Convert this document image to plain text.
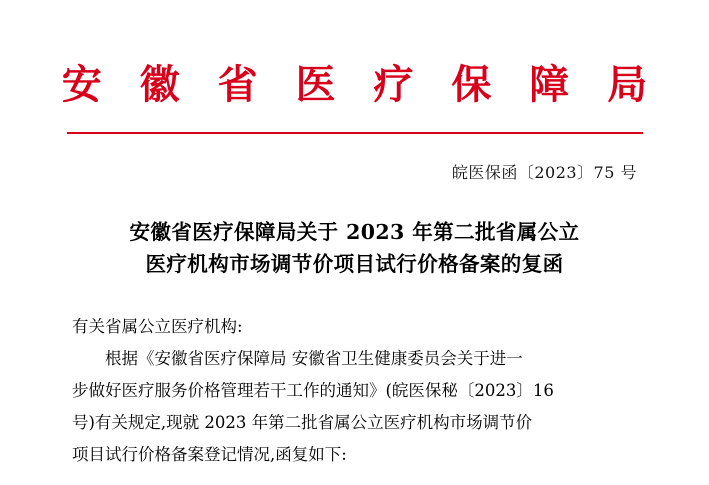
安 徽 省 医 疗 保 障 局
皖医保函〔2023〕75 号
安徽省医疗保障局关于 2023 年第二批省属公立
医疗机构市场调节价项目试行价格备案的复函
有关省属公立医疗机构:
根据《安徽省医疗保障局 安徽省卫生健康委员会关于进一
步做好医疗服务价格管理若干工作的通知》(皖医保秘〔2023〕16
号)有关规定,现就 2023 年第二批省属公立医疗机构市场调节价
项目试行价格备案登记情况,函复如下:
